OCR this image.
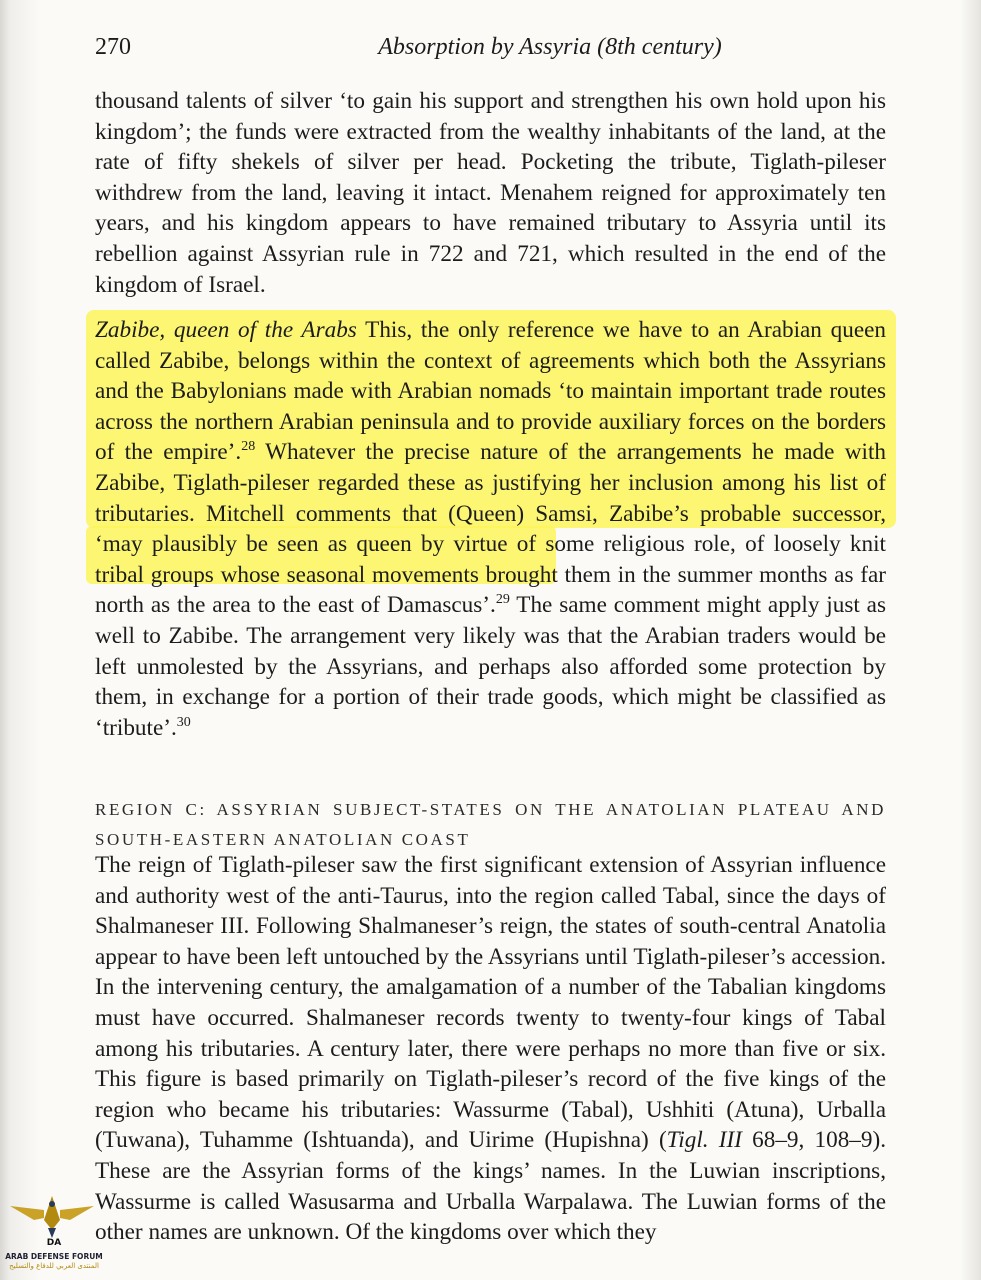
270	Absorption by Assyria (8th century)

thousand talents of silver ‘to gain his support and strengthen his own hold upon his kingdom’; the funds were extracted from the wealthy inhabitants of the land, at the rate of fifty shekels of silver per head. Pocketing the tribute, Tiglath-pileser withdrew from the land, leaving it intact. Menahem reigned for approximately ten years, and his kingdom appears to have remained tributary to Assyria until its rebellion against Assyrian rule in 722 and 721, which resulted in the end of the kingdom of Israel.

Zabibe, queen of the Arabs This, the only reference we have to an Arabian queen called Zabibe, belongs within the context of agreements which both the Assyrians and the Babylonians made with Arabian nomads ‘to maintain important trade routes across the northern Arabian peninsula and to provide auxiliary forces on the borders of the empire’.$^{28}$ Whatever the precise nature of the arrangements he made with Zabibe, Tiglath-pileser regarded these as justifying her inclusion among his list of tributaries. Mitchell comments that (Queen) Samsi, Zabibe’s probable successor, ‘may plausibly be seen as queen by virtue of some religious role, of loosely knit tribal groups whose seasonal movements brought them in the summer months as far north as the area to the east of Damascus’.$^{29}$ The same comment might apply just as well to Zabibe. The arrangement very likely was that the Arabian traders would be left unmolested by the Assyrians, and perhaps also afforded some protection by them, in exchange for a portion of their trade goods, which might be classified as ‘tribute’.$^{30}$

REGION C: ASSYRIAN SUBJECT-STATES ON THE ANATOLIAN PLATEAU AND SOUTH-EASTERN ANATOLIAN COAST

The reign of Tiglath-pileser saw the first significant extension of Assyrian influence and authority west of the anti-Taurus, into the region called Tabal, since the days of Shalmaneser III. Following Shalmaneser’s reign, the states of south-central Anatolia appear to have been left untouched by the Assyrians until Tiglath-pileser’s accession. In the intervening century, the amalgamation of a number of the Tabalian kingdoms must have occurred. Shalmaneser records twenty to twenty-four kings of Tabal among his tributaries. A century later, there were perhaps no more than five or six. This figure is based primarily on Tiglath-pileser’s record of the five kings of the region who became his tributaries: Wassurme (Tabal), Ushhiti (Atuna), Urballa (Tuwana), Tuhamme (Ishtuanda), and Uirime (Hupishna) (Tigl. III 68–9, 108–9). These are the Assyrian forms of the kings’ names. In the Luwian inscriptions, Wassurme is called Wasusarma and Urballa Warpalawa. The Luwian forms of the other names are unknown. Of the kingdoms over which they

DA
ARAB DEFENSE FORUM
المنتدى العربي للدفاع والتسليح
